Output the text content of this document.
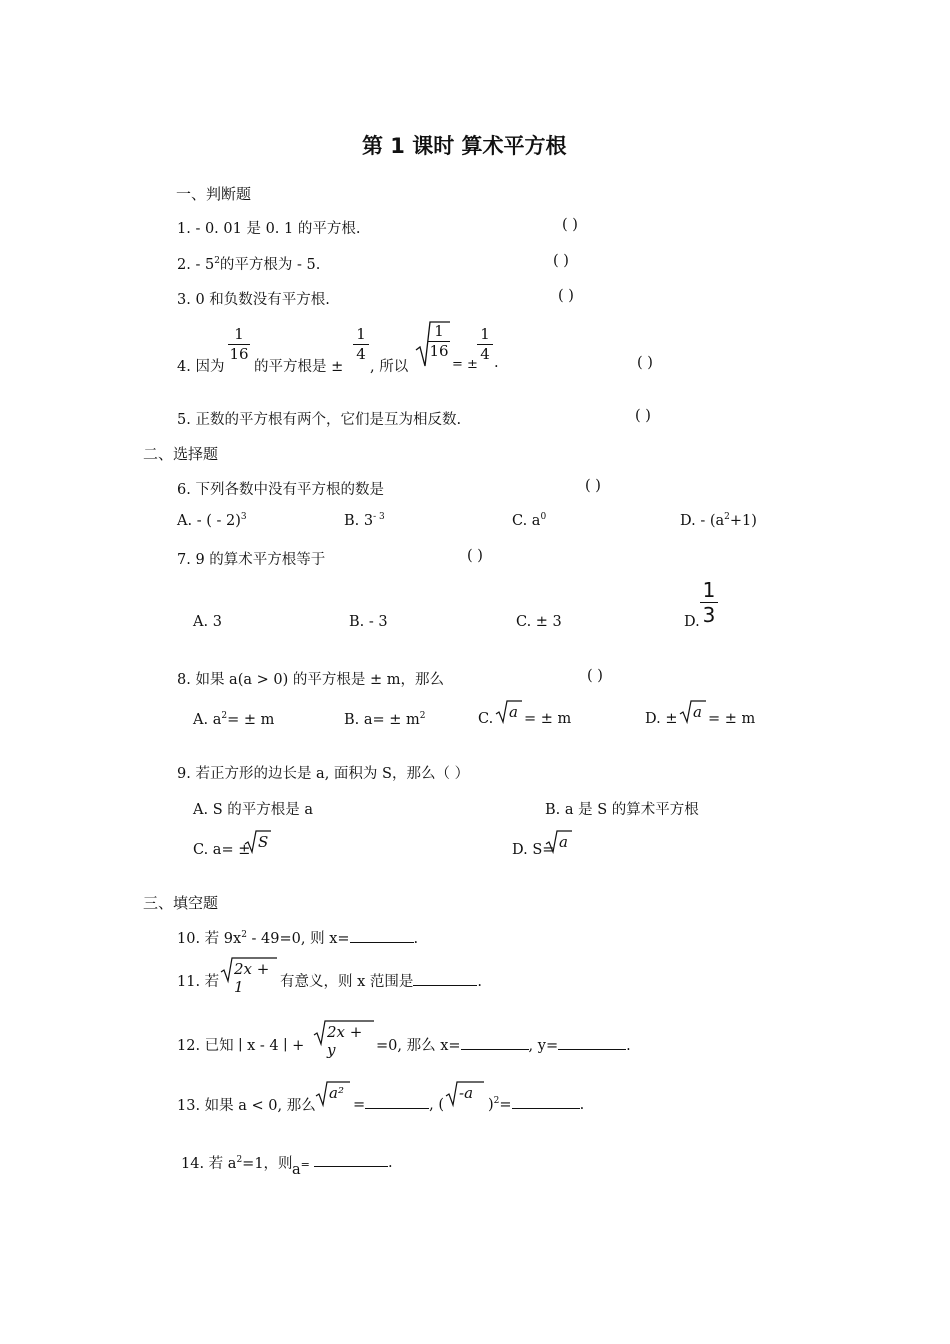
第 1 课时 算术平方根
一、判断题
1. - 0. 01 是 0. 1 的平方根.	( )
2. - $5^2$的平方根为 - 5.	( )
3. 0 和负数没有平方根.	( )
4. 因为
1
16
的平方根是 ±
1
4
, 所以
1
16
= ±
1
4 .	( )
5. 正数的平方根有两个，它们是互为相反数.	( )
二、选择题
6. 下列各数中没有平方根的数是	( )
A. - ( - 2)$^3$	B. $3^{- 3}$	C. $a^0$	D. - $(a^2+1)$
7. 9 的算术平方根等于	( )
A. 3	B. - 3	C. ± 3	D.
1
3
8. 如果 a(a > 0) 的平方根是 ± m，那么	( )
A. $a^2= \pm m$	B. $a= \pm m^2$	C. a = ± m	D. ± a = ± m
9. 若正方形的边长是 a, 面积为 S，那么（ ）
A. S 的平方根是 a	B. a 是 S 的算术平方根
C. a= ± S	D. S= a
三、填空题
10. 若 $9x^2 - 49=0$, 则 x=	.
11. 若
2x + 1	有意义，则 x 范围是	.
12. 已知 ∣ x - 4 ∣ +
2x + y	=0, 那么 x=	, y=	.
13. 如果 a < 0, 那么
a²
=	, (
-a
)$^2$=	.
14. 若 $a^2=1$，则 a=	.
